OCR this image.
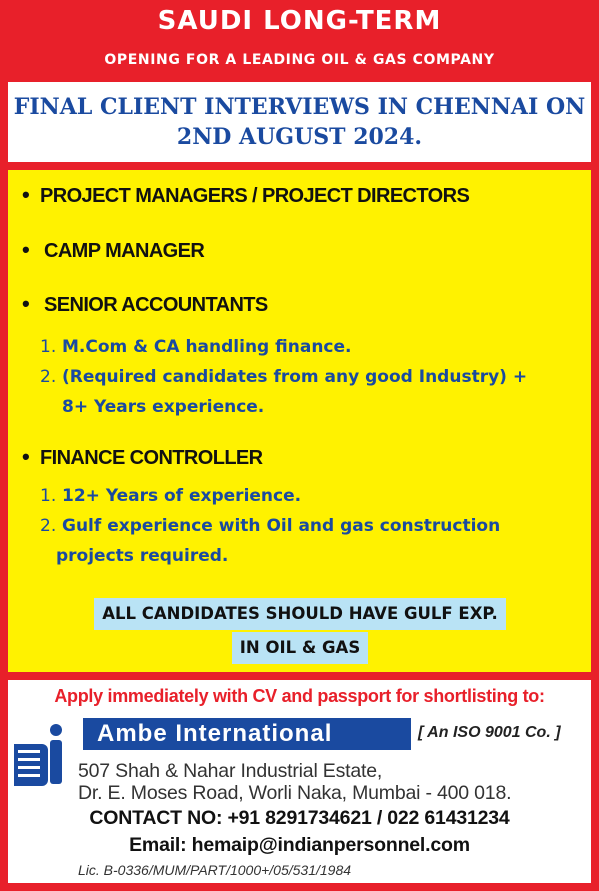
SAUDI LONG-TERM
OPENING FOR A LEADING OIL & GAS COMPANY
FINAL CLIENT INTERVIEWS IN CHENNAI ON
2ND AUGUST 2024.
• PROJECT MANAGERS / PROJECT DIRECTORS
• CAMP MANAGER
• SENIOR ACCOUNTANTS
1. M.Com & CA handling finance.
2. (Required candidates from any good Industry) +
8+ Years experience.
• FINANCE CONTROLLER
1. 12+ Years of experience.
2. Gulf experience with Oil and gas construction
projects required.
ALL CANDIDATES SHOULD HAVE GULF EXP.
IN OIL & GAS
Apply immediately with CV and passport for shortlisting to:
Ambe International	[ An ISO 9001 Co. ]
507 Shah & Nahar Industrial Estate,
Dr. E. Moses Road, Worli Naka, Mumbai - 400 018.
CONTACT NO: +91 8291734621 / 022 61431234
Email: hemaip@indianpersonnel.com
Lic. B-0336/MUM/PART/1000+/05/531/1984
